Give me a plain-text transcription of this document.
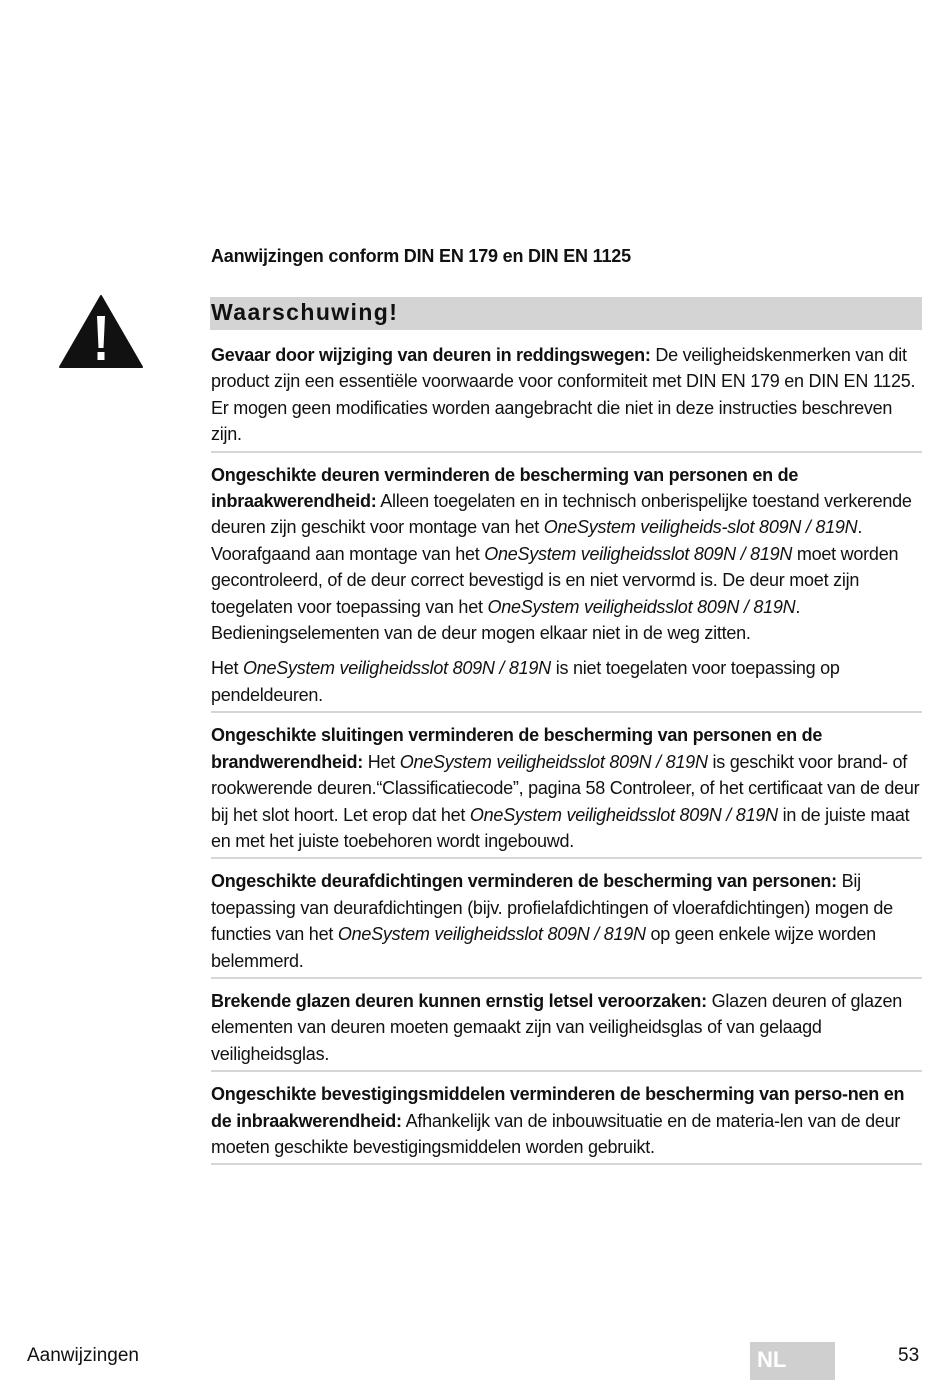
Aanwijzingen conform DIN EN 179 en DIN EN 1125
Waarschuwing!

Gevaar door wijziging van deuren in reddingswegen: De veiligheidskenmerken van dit product zijn een essentiële voorwaarde voor conformiteit met DIN EN 179 en DIN EN 1125. Er mogen geen modificaties worden aangebracht die niet in deze instructies beschreven zijn.

Ongeschikte deuren verminderen de bescherming van personen en de inbraakwerendheid: Alleen toegelaten en in technisch onberispelijke toestand verkerende deuren zijn geschikt voor montage van het OneSystem veiligheids-slot 809N / 819N. Voorafgaand aan montage van het OneSystem veiligheidsslot 809N / 819N moet worden gecontroleerd, of de deur correct bevestigd is en niet vervormd is. De deur moet zijn toegelaten voor toepassing van het OneSystem veiligheidsslot 809N / 819N. Bedieningselementen van de deur mogen elkaar niet in de weg zitten.

Het OneSystem veiligheidsslot 809N / 819N is niet toegelaten voor toepassing op pendeldeuren.

Ongeschikte sluitingen verminderen de bescherming van personen en de brandwerendheid: Het OneSystem veiligheidsslot 809N / 819N is geschikt voor brand- of rookwerende deuren.“Classificatiecode”, pagina 58 Controleer, of het certificaat van de deur bij het slot hoort. Let erop dat het OneSystem veiligheidsslot 809N / 819N in de juiste maat en met het juiste toebehoren wordt ingebouwd.

Ongeschikte deurafdichtingen verminderen de bescherming van personen: Bij toepassing van deurafdichtingen (bijv. profielafdichtingen of vloerafdichtingen) mogen de functies van het OneSystem veiligheidsslot 809N / 819N op geen enkele wijze worden belemmerd.

Brekende glazen deuren kunnen ernstig letsel veroorzaken: Glazen deuren of glazen elementen van deuren moeten gemaakt zijn van veiligheidsglas of van gelaagd veiligheidsglas.

Ongeschikte bevestigingsmiddelen verminderen de bescherming van perso-nen en de inbraakwerendheid: Afhankelijk van de inbouwsituatie en de materia-len van de deur moeten geschikte bevestigingsmiddelen worden gebruikt.

Aanwijzingen	NL	53
